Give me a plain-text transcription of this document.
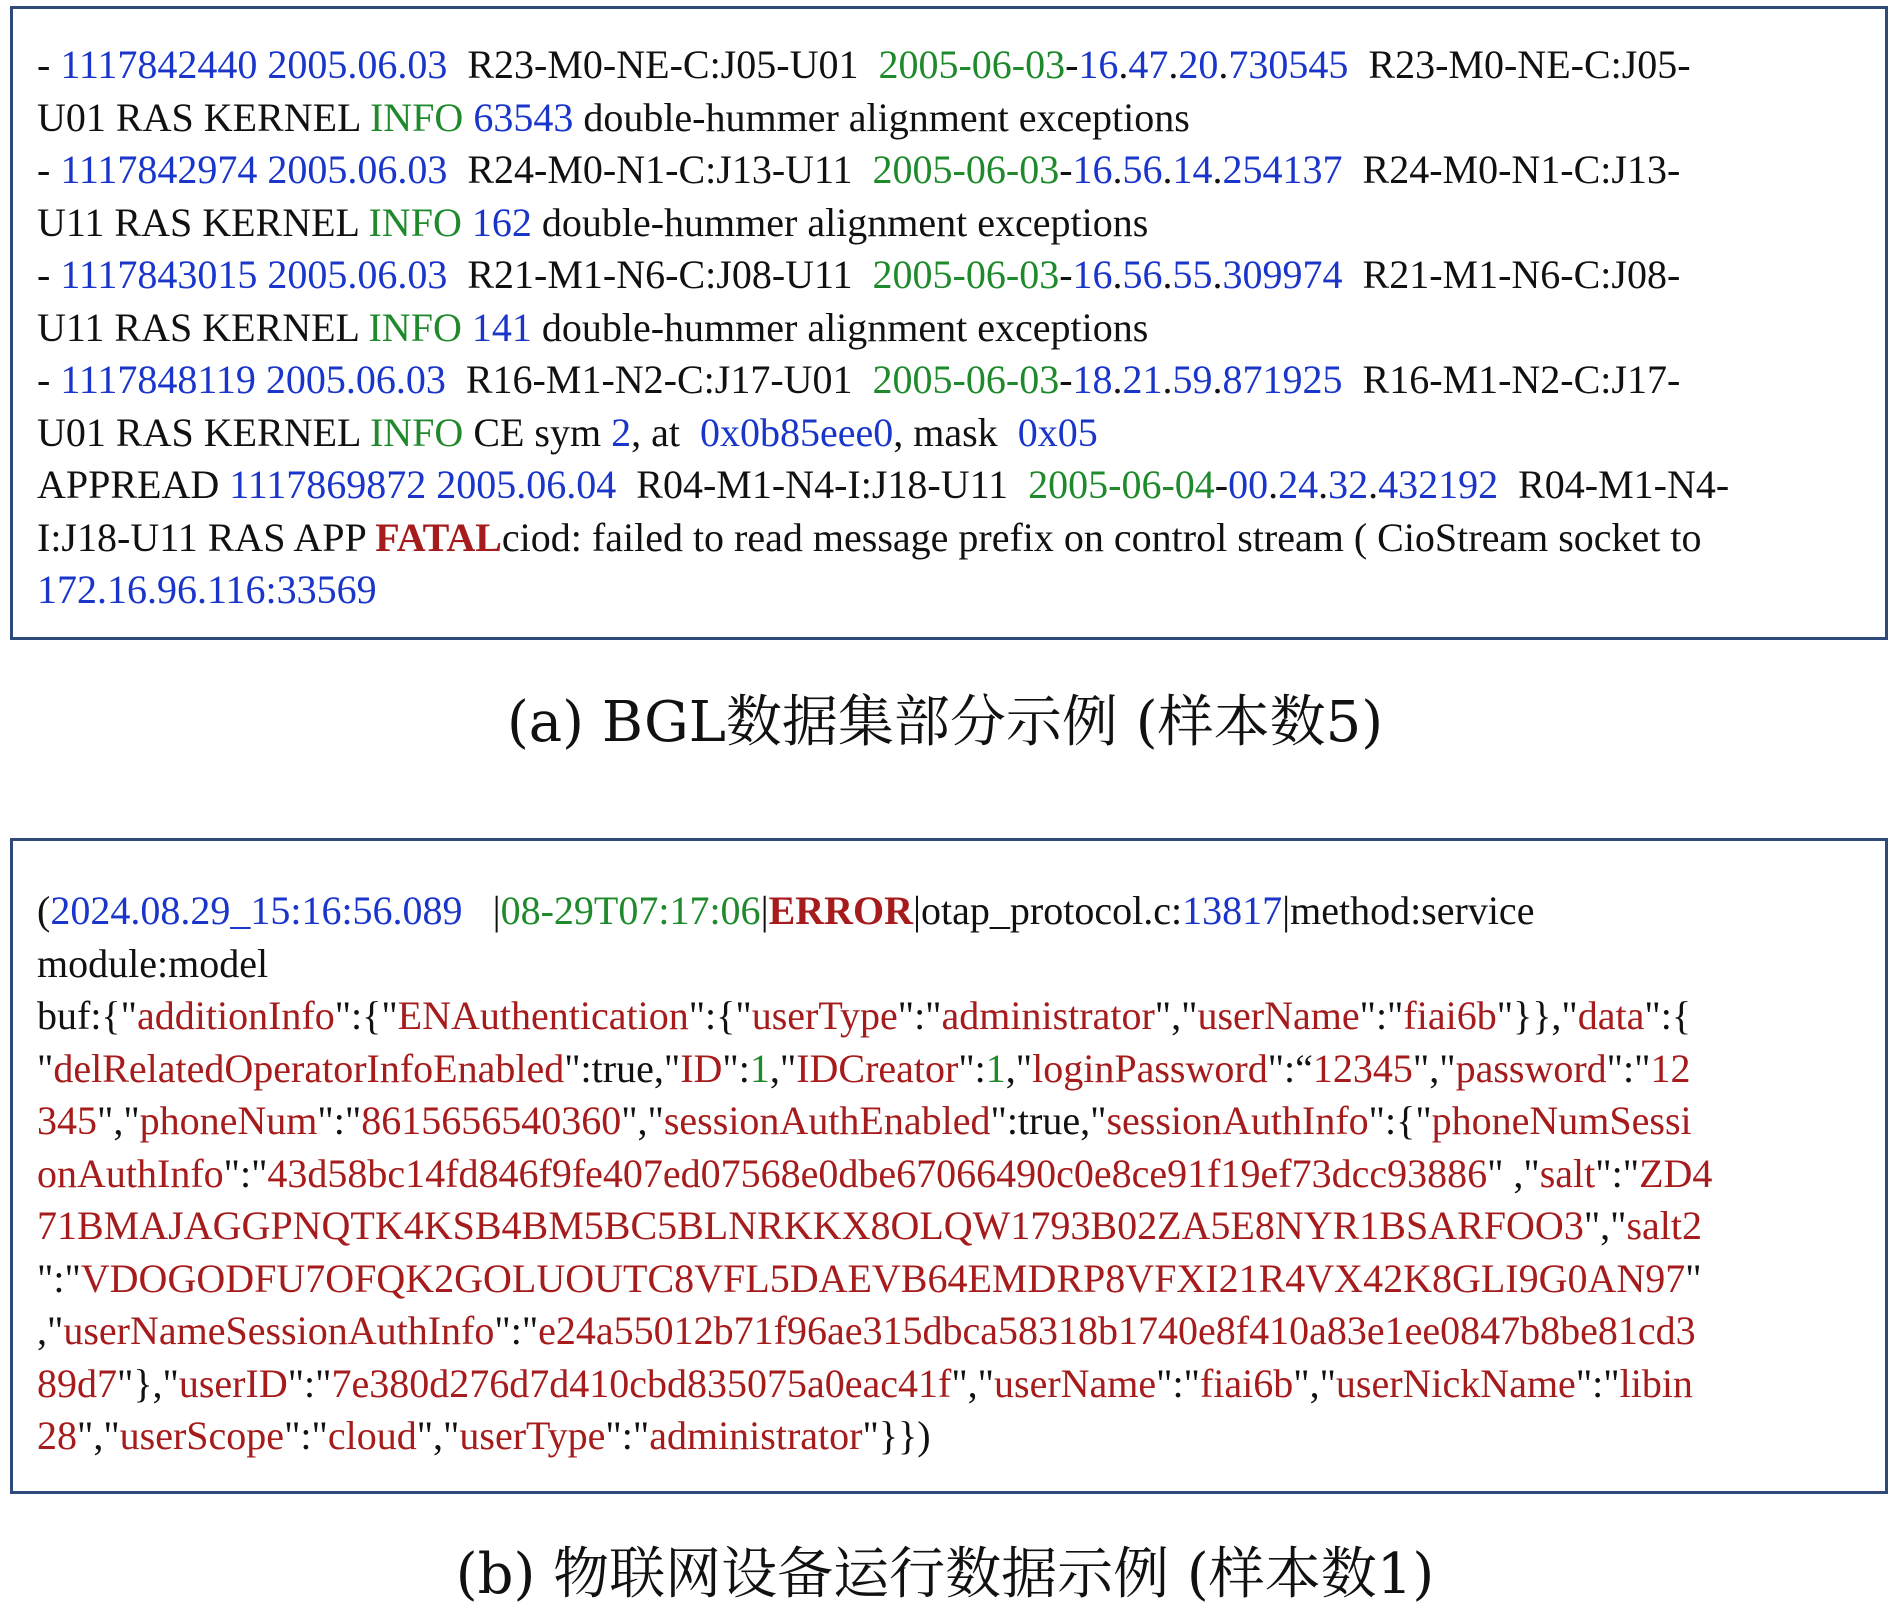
- 1117842440 2005.06.03  R23-M0-NE-C:J05-U01  2005-06-03-16.47.20.730545  R23-M0-NE-C:J05-
U01 RAS KERNEL INFO 63543 double-hummer alignment exceptions
- 1117842974 2005.06.03  R24-M0-N1-C:J13-U11  2005-06-03-16.56.14.254137  R24-M0-N1-C:J13-
U11 RAS KERNEL INFO 162 double-hummer alignment exceptions
- 1117843015 2005.06.03  R21-M1-N6-C:J08-U11  2005-06-03-16.56.55.309974  R21-M1-N6-C:J08-
U11 RAS KERNEL INFO 141 double-hummer alignment exceptions
- 1117848119 2005.06.03  R16-M1-N2-C:J17-U01  2005-06-03-18.21.59.871925  R16-M1-N2-C:J17-
U01 RAS KERNEL INFO CE sym 2, at  0x0b85eee0, mask  0x05
APPREAD 1117869872 2005.06.04  R04-M1-N4-I:J18-U11  2005-06-04-00.24.32.432192  R04-M1-N4-
I:J18-U11 RAS APP FATALciod: failed to read message prefix on control stream ( CioStream socket to
172.16.96.116:33569
(a) BGL数据集部分示例 (样本数5)
(2024.08.29_15:16:56.089   |08-29T07:17:06|ERROR|otap_protocol.c:13817|method:service
module:model
buf:{"additionInfo":{"ENAuthentication":{"userType":"administrator","userName":"fiai6b"}},"data":{
"delRelatedOperatorInfoEnabled":true,"ID":1,"IDCreator":1,"loginPassword":“12345","password":"12
345","phoneNum":"8615656540360","sessionAuthEnabled":true,"sessionAuthInfo":{"phoneNumSessi
onAuthInfo":"43d58bc14fd846f9fe407ed07568e0dbe67066490c0e8ce91f19ef73dcc93886" ,"salt":"ZD4
71BMAJAGGPNQTK4KSB4BM5BC5BLNRKKX8OLQW1793B02ZA5E8NYR1BSARFOO3","salt2
":"VDOGODFU7OFQK2GOLUOUTC8VFL5DAEVB64EMDRP8VFXI21R4VX42K8GLI9G0AN97"
,"userNameSessionAuthInfo":"e24a55012b71f96ae315dbca58318b1740e8f410a83e1ee0847b8be81cd3
89d7"},"userID":"7e380d276d7d410cbd835075a0eac41f","userName":"fiai6b","userNickName":"libin
28","userScope":"cloud","userType":"administrator"}})
(b) 物联网设备运行数据示例 (样本数1)
